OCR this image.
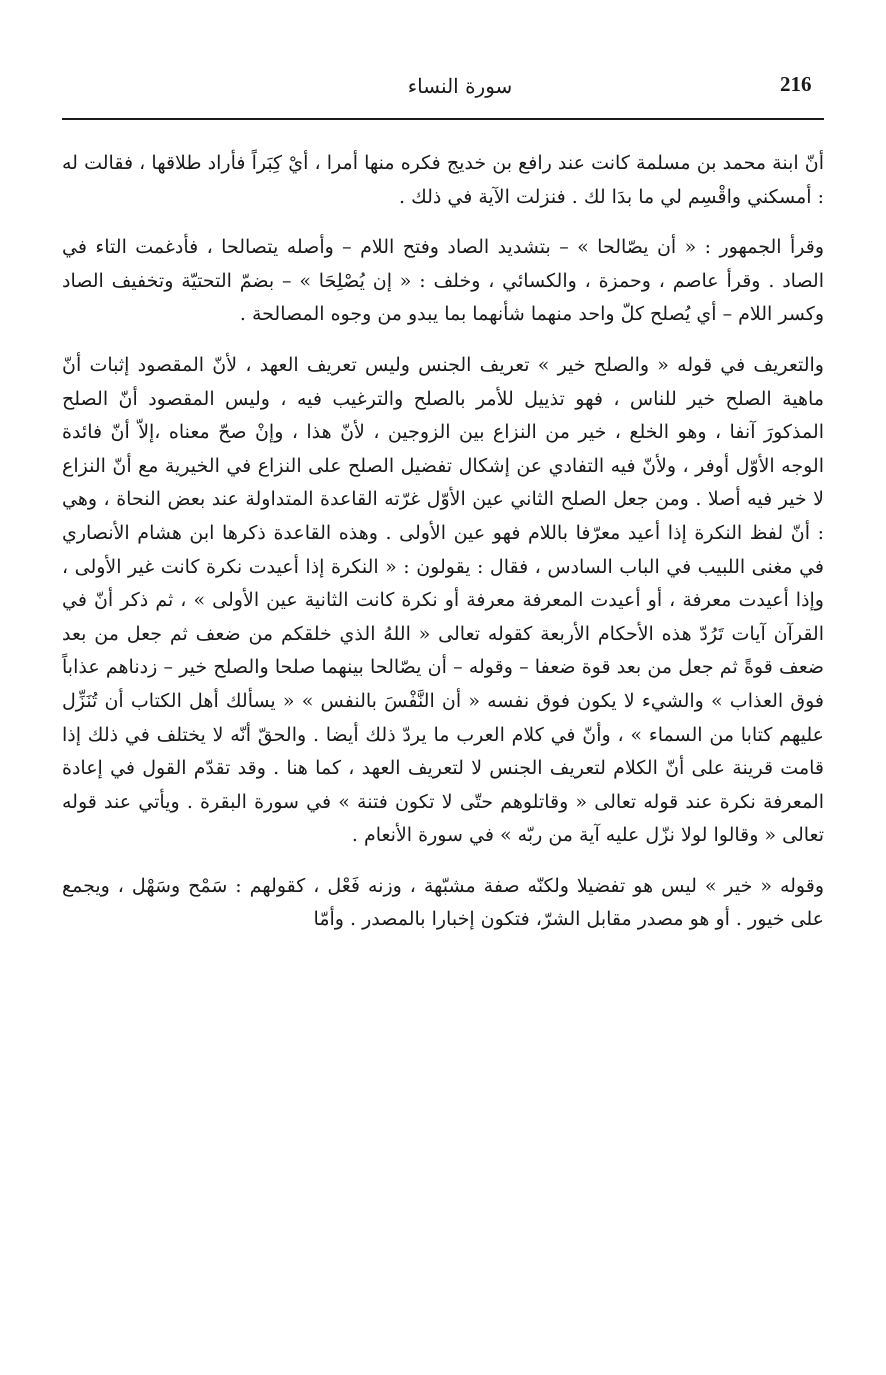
216
سورة النساء

أنّ ابنة محمد بن مسلمة كانت عند رافع بن خديج فكره منها أمرا ، أيْ كِبَراً فأراد طلاقها ، فقالت له : أمسكني واقْسِم لي ما بدَا لك . فنزلت الآية في ذلك .

وقرأ الجمهور : « أن يصّالحا » – بتشديد الصاد وفتح اللام – وأصله يتصالحا ، فأدغمت التاء في الصاد . وقرأ عاصم ، وحمزة ، والكسائي ، وخلف : « إن يُصْلِحَا » – بضمّ التحتيّة وتخفيف الصاد وكسر اللام – أي يُصلح كلّ واحد منهما شأنهما بما يبدو من وجوه المصالحة .

والتعريف في قوله « والصلح خير » تعريف الجنس وليس تعريف العهد ، لأنّ المقصود إثبات أنّ ماهية الصلح خير للناس ، فهو تذييل للأمر بالصلح والترغيب فيه ، وليس المقصود أنّ الصلح المذكورَ آنفا ، وهو الخلع ، خير من النزاع بين الزوجين ، لأنّ هذا ، وإنْ صحّ معناه ،إلاّ أنّ فائدة الوجه الأوّل أوفر ، ولأنّ فيه التفادي عن إشكال تفضيل الصلح على النزاع في الخيرية مع أنّ النزاع لا خير فيه أصلا . ومن جعل الصلح الثاني عين الأوّل غرّته القاعدة المتداولة عند بعض النحاة ، وهي : أنّ لفظ النكرة إذا أعيد معرّفا باللام فهو عين الأولى . وهذه القاعدة ذكرها ابن هشام الأنصاري في مغنى اللبيب في الباب السادس ، فقال : يقولون : « النكرة إذا أعيدت نكرة كانت غير الأولى ، وإذا أعيدت معرفة ، أو أعيدت المعرفة معرفة أو نكرة كانت الثانية عين الأولى » ، ثم ذكر أنّ في القرآن آيات تَرُدّ هذه الأحكام الأربعة كقوله تعالى « اللهُ الذي خلقكم من ضعف ثم جعل من بعد ضعف قوةً ثم جعل من بعد قوة ضعفا – وقوله – أن يصّالحا بينهما صلحا والصلح خير – زدناهم عذاباً فوق العذاب » والشيء لا يكون فوق نفسه « أن النَّفْسَ بالنفس » « يسألك أهل الكتاب أن تُنَزِّل عليهم كتابا من السماء » ، وأنّ في كلام العرب ما يردّ ذلك أيضا . والحقّ أنّه لا يختلف في ذلك إذا قامت قرينة على أنّ الكلام لتعريف الجنس لا لتعريف العهد ، كما هنا . وقد تقدّم القول في إعادة المعرفة نكرة عند قوله تعالى « وقاتلوهم حتّى لا تكون فتنة » في سورة البقرة . ويأتي عند قوله تعالى « وقالوا لولا نزّل عليه آية من ربّه » في سورة الأنعام .

وقوله « خير » ليس هو تفضيلا ولكنّه صفة مشبّهة ، وزنه فَعْل ، كقولهم : سَمْح وسَهْل ، ويجمع على خيور . أو هو مصدر مقابل الشرّ، فتكون إخبارا بالمصدر . وأمّا
